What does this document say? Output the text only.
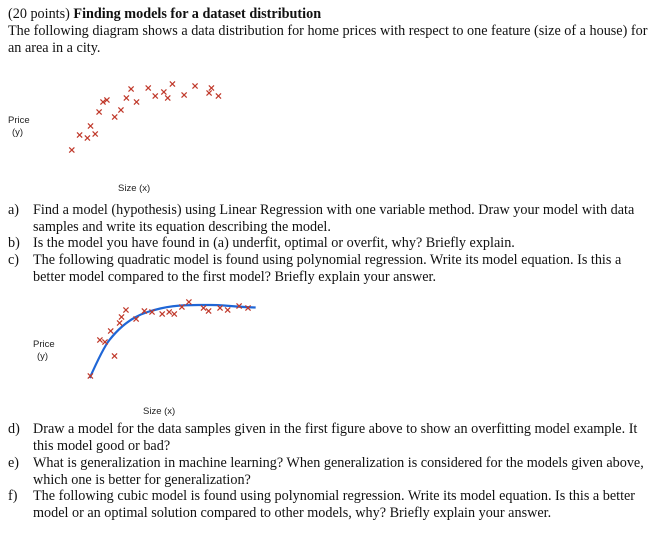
(20 points) Finding models for a dataset distribution

The following diagram shows a data distribution for home prices with respect to one feature (size of a house) for an area in a city.

Price
(y)
Size (x)
a) Find a model (hypothesis) using Linear Regression with one variable method. Draw your model with data samples and write its equation describing the model.
b) Is the model you have found in (a) underfit, optimal or overfit, why? Briefly explain.
c) The following quadratic model is found using polynomial regression. Write its model equation. Is this a better model compared to the first model? Briefly explain your answer.
Price
(y)
Size (x)
d) Draw a model for the data samples given in the first figure above to show an overfitting model example. It this model good or bad?
e) What is generalization in machine learning? When generalization is considered for the models given above, which one is better for generalization?
f) The following cubic model is found using polynomial regression. Write its model equation. Is this a better model or an optimal solution compared to other models, why? Briefly explain your answer.
